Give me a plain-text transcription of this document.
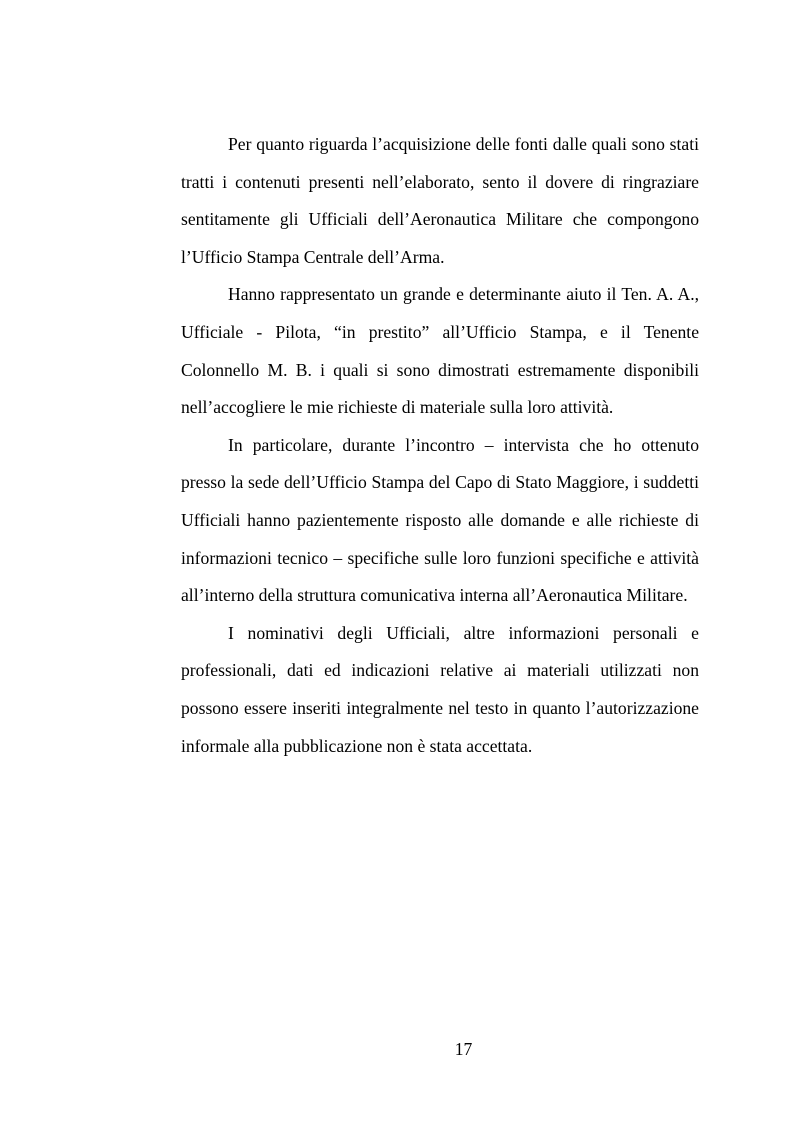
Per quanto riguarda l’acquisizione delle fonti dalle quali sono stati tratti i contenuti presenti nell’elaborato, sento il dovere di ringraziare sentitamente gli Ufficiali dell’Aeronautica Militare che compongono l’Ufficio Stampa Centrale dell’Arma.

Hanno rappresentato un grande e determinante aiuto il Ten. A. A., Ufficiale - Pilota, “in prestito” all’Ufficio Stampa, e il Tenente Colonnello M. B. i quali si sono dimostrati estremamente disponibili nell’accogliere le mie richieste di materiale sulla loro attività.

In particolare, durante l’incontro – intervista che ho ottenuto presso la sede dell’Ufficio Stampa del Capo di Stato Maggiore, i suddetti Ufficiali hanno pazientemente risposto alle domande e alle richieste di informazioni tecnico – specifiche sulle loro funzioni specifiche e attività all’interno della struttura comunicativa interna all’Aeronautica Militare.

I nominativi degli Ufficiali, altre informazioni personali e professionali, dati ed indicazioni relative ai materiali utilizzati non possono essere inseriti integralmente nel testo in quanto l’autorizzazione informale alla pubblicazione non è stata accettata.

17
